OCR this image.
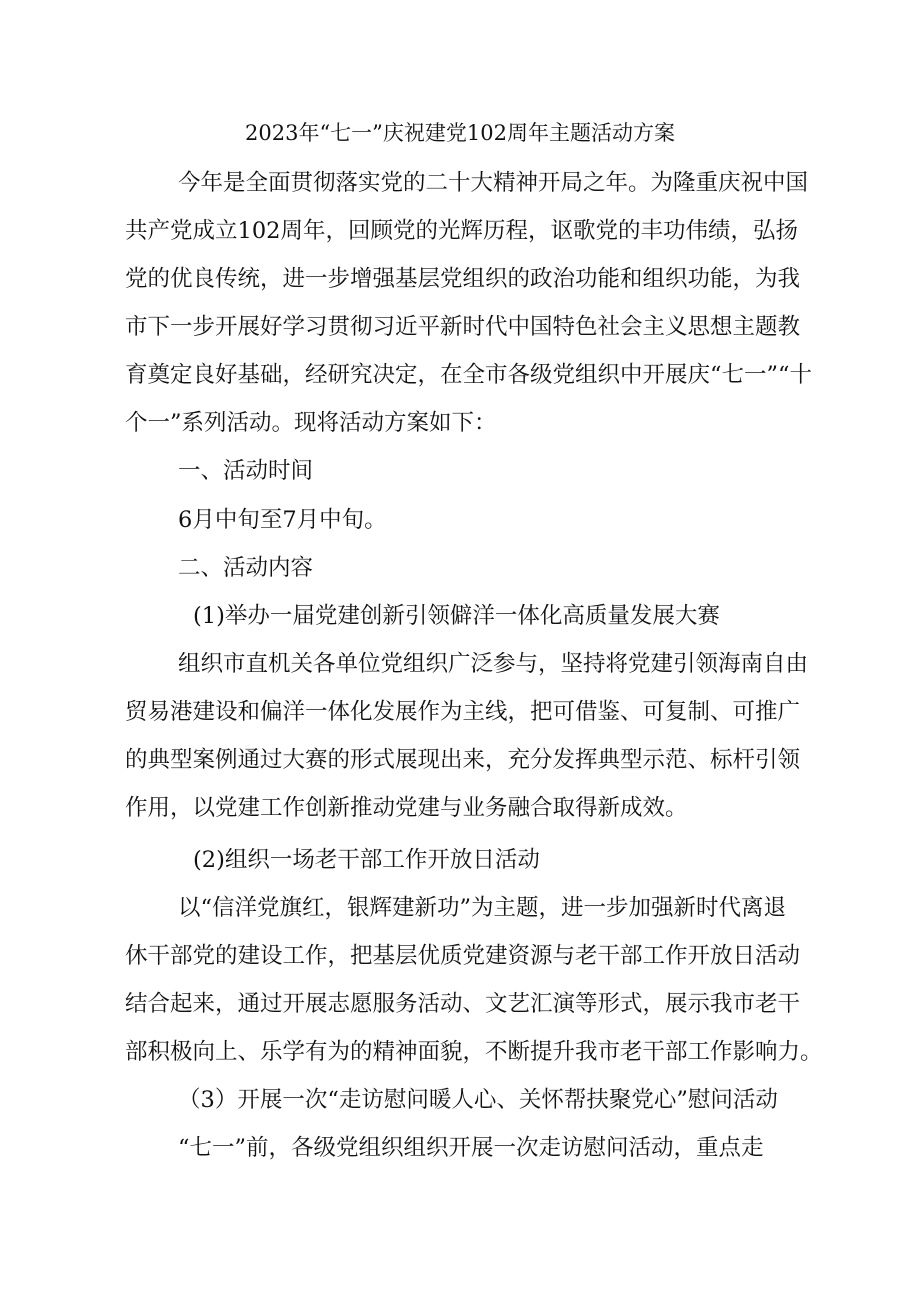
2023年“七一”庆祝建党102周年主题活动方案
今年是全面贯彻落实党的二十大精神开局之年。为隆重庆祝中国
共产党成立102周年，回顾党的光辉历程，讴歌党的丰功伟绩，弘扬
党的优良传统，进一步增强基层党组织的政治功能和组织功能，为我
市下一步开展好学习贯彻习近平新时代中国特色社会主义思想主题教
育奠定良好基础，经研究决定，在全市各级党组织中开展庆“七一”“十
个一”系列活动。现将活动方案如下：
一、活动时间
6月中旬至7月中旬。
二、活动内容
(1)举办一届党建创新引领僻洋一体化高质量发展大赛
组织市直机关各单位党组织广泛参与，坚持将党建引领海南自由
贸易港建设和偏洋一体化发展作为主线，把可借鉴、可复制、可推广
的典型案例通过大赛的形式展现出来，充分发挥典型示范、标杆引领
作用，以党建工作创新推动党建与业务融合取得新成效。
(2)组织一场老干部工作开放日活动
以“信洋党旗红，银辉建新功”为主题，进一步加强新时代离退
休干部党的建设工作，把基层优质党建资源与老干部工作开放日活动
结合起来，通过开展志愿服务活动、文艺汇演等形式，展示我市老干
部积极向上、乐学有为的精神面貌，不断提升我市老干部工作影响力。
（3）开展一次“走访慰问暖人心、关怀帮扶聚党心”慰问活动
“七一”前，各级党组织组织开展一次走访慰问活动，重点走
